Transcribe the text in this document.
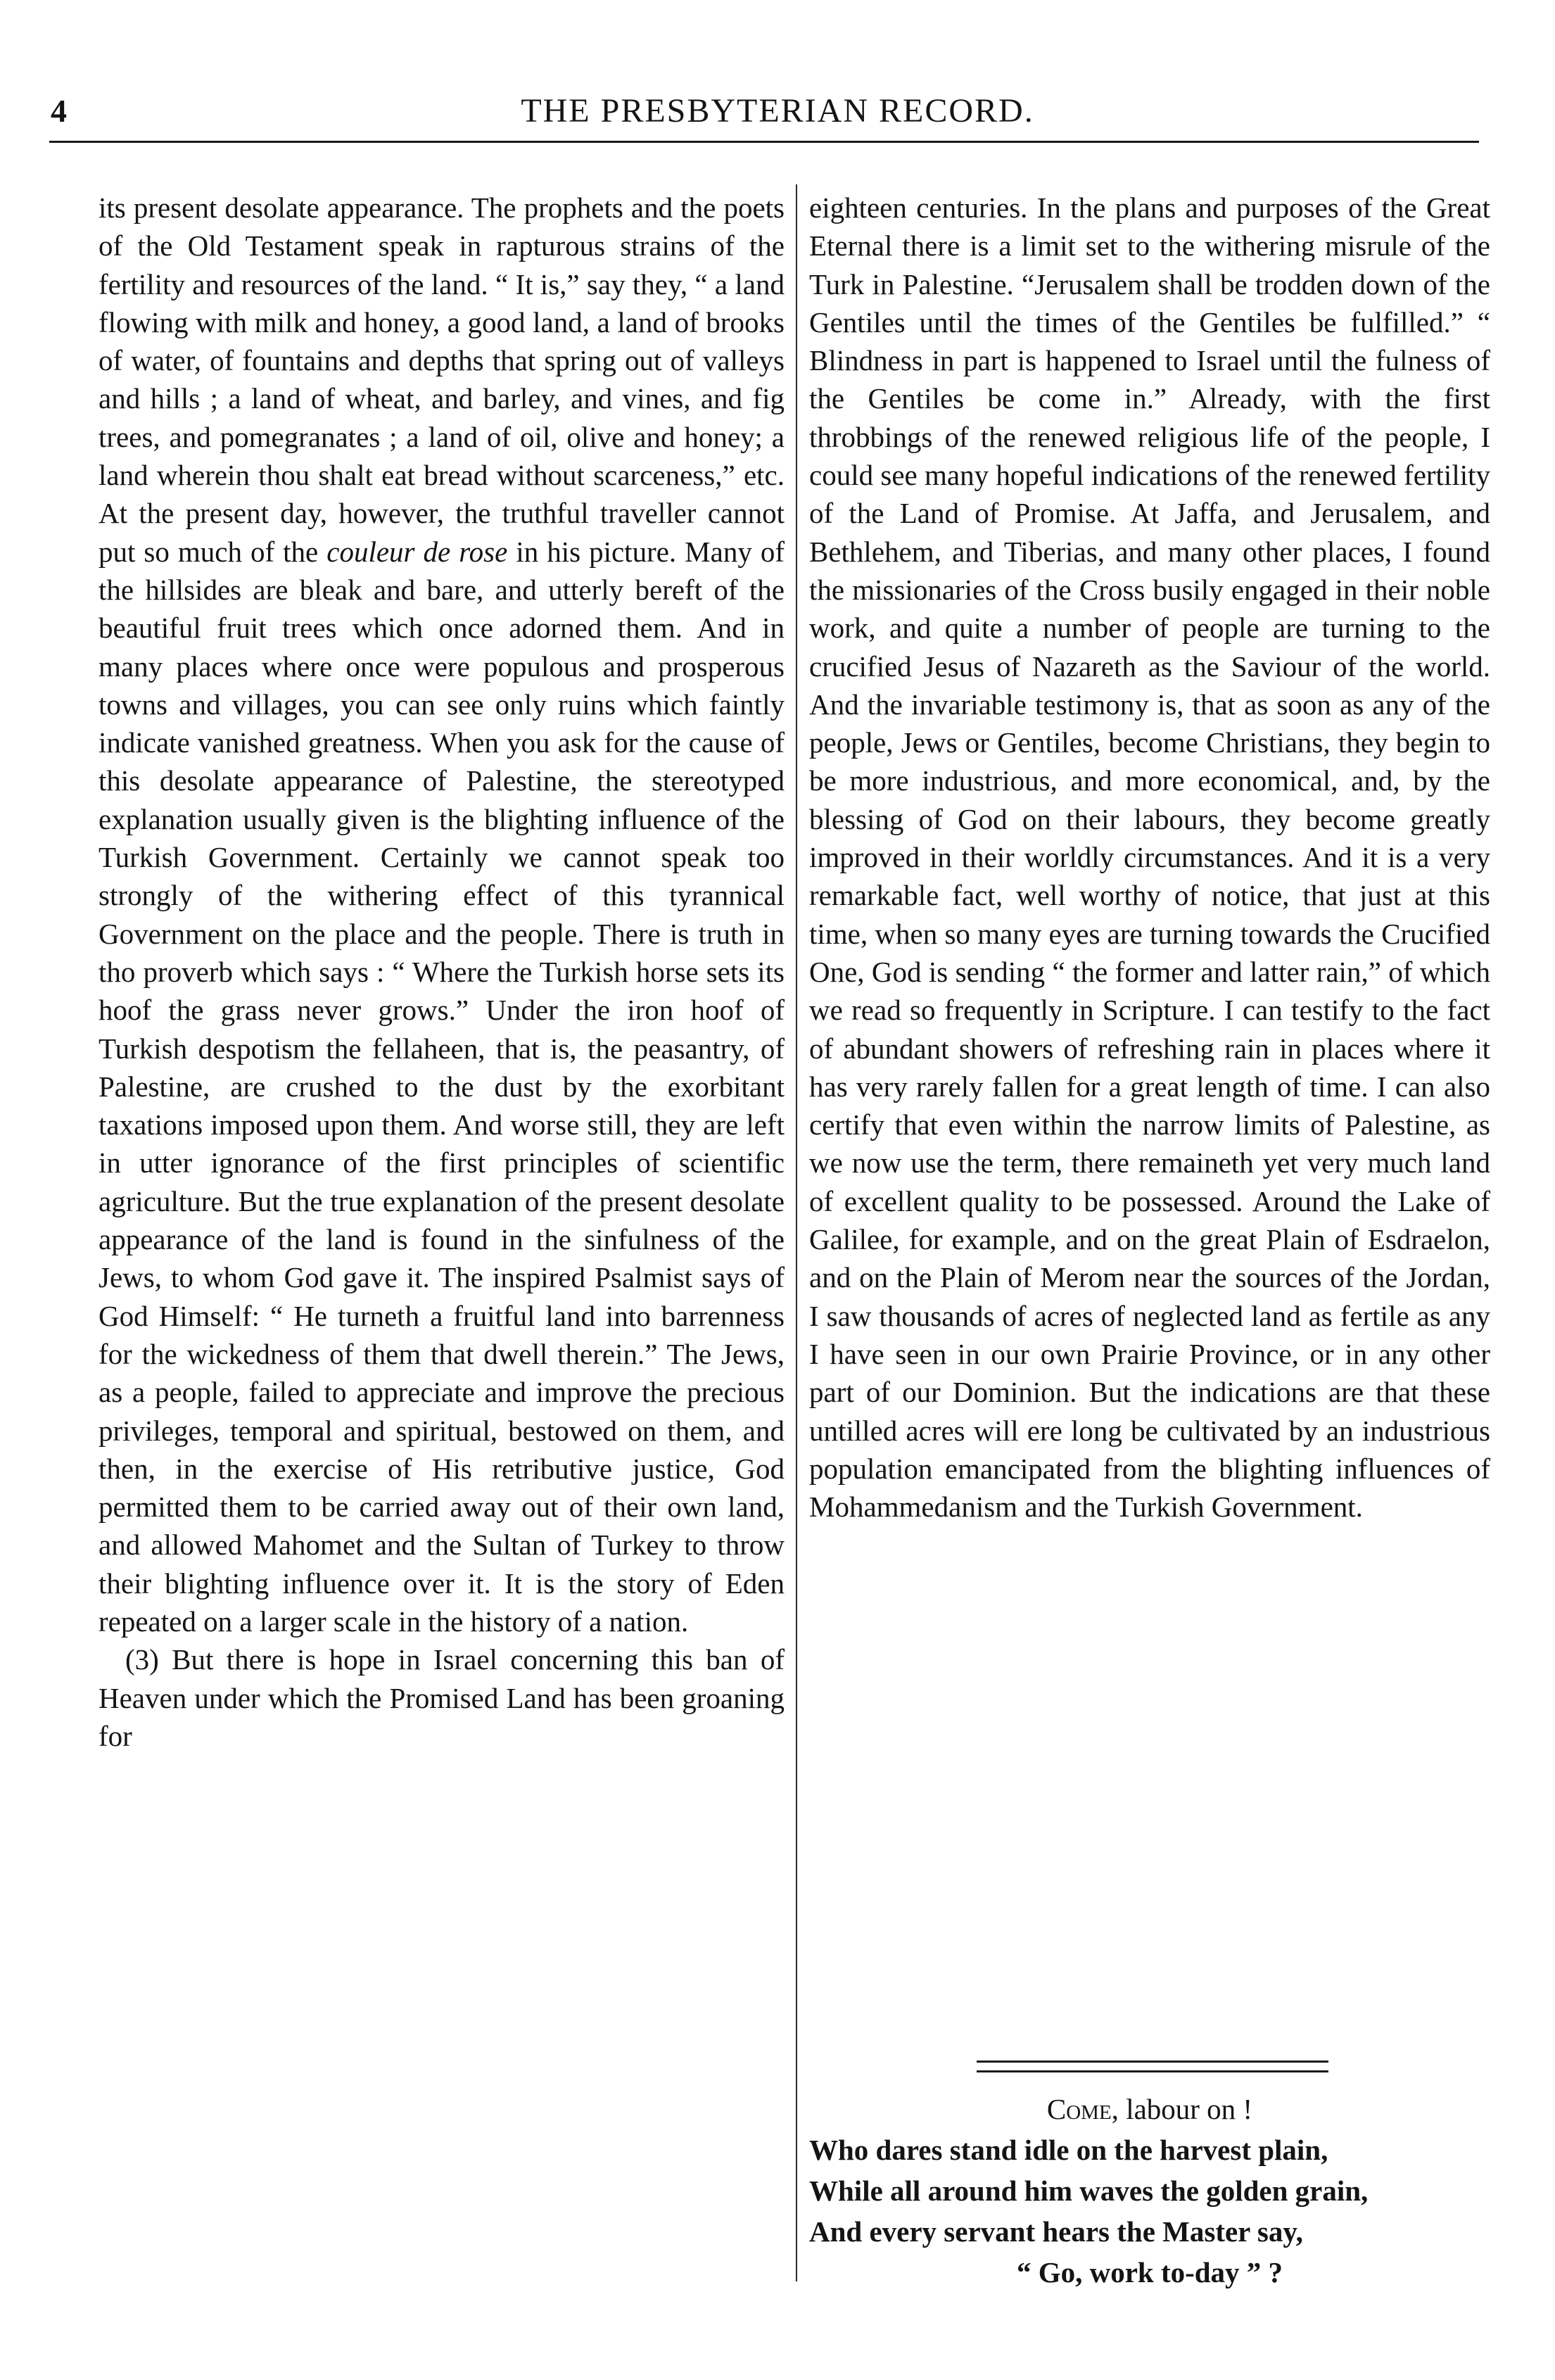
4	THE PRESBYTERIAN RECORD.

its present desolate appearance. The prophets and the poets of the Old Testament speak in rapturous strains of the fertility and resources of the land. “ It is,” say they, “ a land flowing with milk and honey, a good land, a land of brooks of water, of fountains and depths that spring out of valleys and hills ; a land of wheat, and barley, and vines, and fig trees, and pomegranates ; a land of oil, olive and honey; a land wherein thou shalt eat bread without scarceness,” etc. At the present day, however, the truthful traveller cannot put so much of the couleur de rose in his picture. Many of the hillsides are bleak and bare, and utterly bereft of the beautiful fruit trees which once adorned them. And in many places where once were populous and prosperous towns and villages, you can see only ruins which faintly indicate vanished greatness. When you ask for the cause of this desolate appearance of Palestine, the stereotyped explanation usually given is the blighting influence of the Turkish Government. Certainly we cannot speak too strongly of the withering effect of this tyrannical Government on the place and the people. There is truth in tho proverb which says : “ Where the Turkish horse sets its hoof the grass never grows.” Under the iron hoof of Turkish despotism the fellaheen, that is, the peasantry, of Palestine, are crushed to the dust by the exorbitant taxations imposed upon them. And worse still, they are left in utter ignorance of the first principles of scientific agriculture. But the true explanation of the present desolate appearance of the land is found in the sinfulness of the Jews, to whom God gave it. The inspired Psalmist says of God Himself: “ He turneth a fruitful land into barrenness for the wickedness of them that dwell therein.” The Jews, as a people, failed to appreciate and improve the precious privileges, temporal and spiritual, bestowed on them, and then, in the exercise of His retributive justice, God permitted them to be carried away out of their own land, and allowed Mahomet and the Sultan of Turkey to throw their blighting influence over it. It is the story of Eden repeated on a larger scale in the history of a nation.

(3) But there is hope in Israel concerning this ban of Heaven under which the Promised Land has been groaning for

eighteen centuries. In the plans and purposes of the Great Eternal there is a limit set to the withering misrule of the Turk in Palestine. “Jerusalem shall be trodden down of the Gentiles until the times of the Gentiles be fulfilled.” “ Blindness in part is happened to Israel until the fulness of the Gentiles be come in.” Already, with the first throbbings of the renewed religious life of the people, I could see many hopeful indications of the renewed fertility of the Land of Promise. At Jaffa, and Jerusalem, and Bethlehem, and Tiberias, and many other places, I found the missionaries of the Cross busily engaged in their noble work, and quite a number of people are turning to the crucified Jesus of Nazareth as the Saviour of the world. And the invariable testimony is, that as soon as any of the people, Jews or Gentiles, become Christians, they begin to be more industrious, and more economical, and, by the blessing of God on their labours, they become greatly improved in their worldly circumstances. And it is a very remarkable fact, well worthy of notice, that just at this time, when so many eyes are turning towards the Crucified One, God is sending “ the former and latter rain,” of which we read so frequently in Scripture. I can testify to the fact of abundant showers of refreshing rain in places where it has very rarely fallen for a great length of time. I can also certify that even within the narrow limits of Palestine, as we now use the term, there remaineth yet very much land of excellent quality to be possessed. Around the Lake of Galilee, for example, and on the great Plain of Esdraelon, and on the Plain of Merom near the sources of the Jordan, I saw thousands of acres of neglected land as fertile as any I have seen in our own Prairie Province, or in any other part of our Dominion. But the indications are that these untilled acres will ere long be cultivated by an industrious population emancipated from the blighting influences of Mohammedanism and the Turkish Government.

Come, labour on !
Who dares stand idle on the harvest plain,
While all around him waves the golden grain,
And every servant hears the Master say,
“ Go, work to-day ” ?
